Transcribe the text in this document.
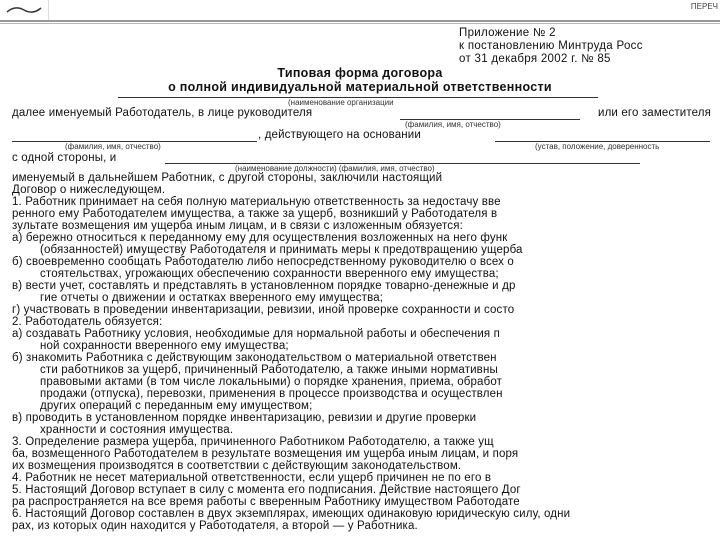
ПЕРЕЧ
Приложение № 2
к постановлению Минтруда Росс
от 31 декабря 2002 г. № 85
Типовая форма договора
о полной индивидуальной материальной ответственности
(наименование организации
далее именуемый Работодатель, в лице руководителя	или его заместителя
(фамилия, имя, отчество)
, действующего на основании
(фамилия, имя, отчество)	(устав, положение, доверенность
с одной стороны, и
(наименование должности) (фамилия, имя, отчество)
именуемый в дальнейшем Работник, с другой стороны, заключили настоящий
Договор о нижеследующем.
1. Работник принимает на себя полную материальную ответственность за недостачу вве
ренного ему Работодателем имущества, а также за ущерб, возникший у Работодателя в
зультате возмещения им ущерба иным лицам, и в связи с изложенным обязуется:
а) бережно относиться к переданному ему для осуществления возложенных на него функ
(обязанностей) имуществу Работодателя и принимать меры к предотвращению ущерба
б) своевременно сообщать Работодателю либо непосредственному руководителю о всех о
стоятельствах, угрожающих обеспечению сохранности вверенного ему имущества;
в) вести учет, составлять и представлять в установленном порядке товарно-денежные и др
гие отчеты о движении и остатках вверенного ему имущества;
г) участвовать в проведении инвентаризации, ревизии, иной проверке сохранности и состо
2. Работодатель обязуется:
а) создавать Работнику условия, необходимые для нормальной работы и обеспечения п
ной сохранности вверенного ему имущества;
б) знакомить Работника с действующим законодательством о материальной ответствен
сти работников за ущерб, причиненный Работодателю, а также иными нормативны
правовыми актами (в том числе локальными) о порядке хранения, приема, обработ
продажи (отпуска), перевозки, применения в процессе производства и осуществлен
других операций с переданным ему имуществом;
в) проводить в установленном порядке инвентаризацию, ревизии и другие проверки
хранности и состояния имущества.
3. Определение размера ущерба, причиненного Работником Работодателю, а также ущ
ба, возмещенного Работодателем в результате возмещения им ущерба иным лицам, и поря
их возмещения производятся в соответствии с действующим законодательством.
4. Работник не несет материальной ответственности, если ущерб причинен не по его в
5. Настоящий Договор вступает в силу с момента его подписания. Действие настоящего Дог
ра распространяется на все время работы с вверенным Работнику имуществом Работодате
6. Настоящий Договор составлен в двух экземплярах, имеющих одинаковую юридическую силу, одни
рах, из которых один находится у Работодателя, а второй — у Работника.
